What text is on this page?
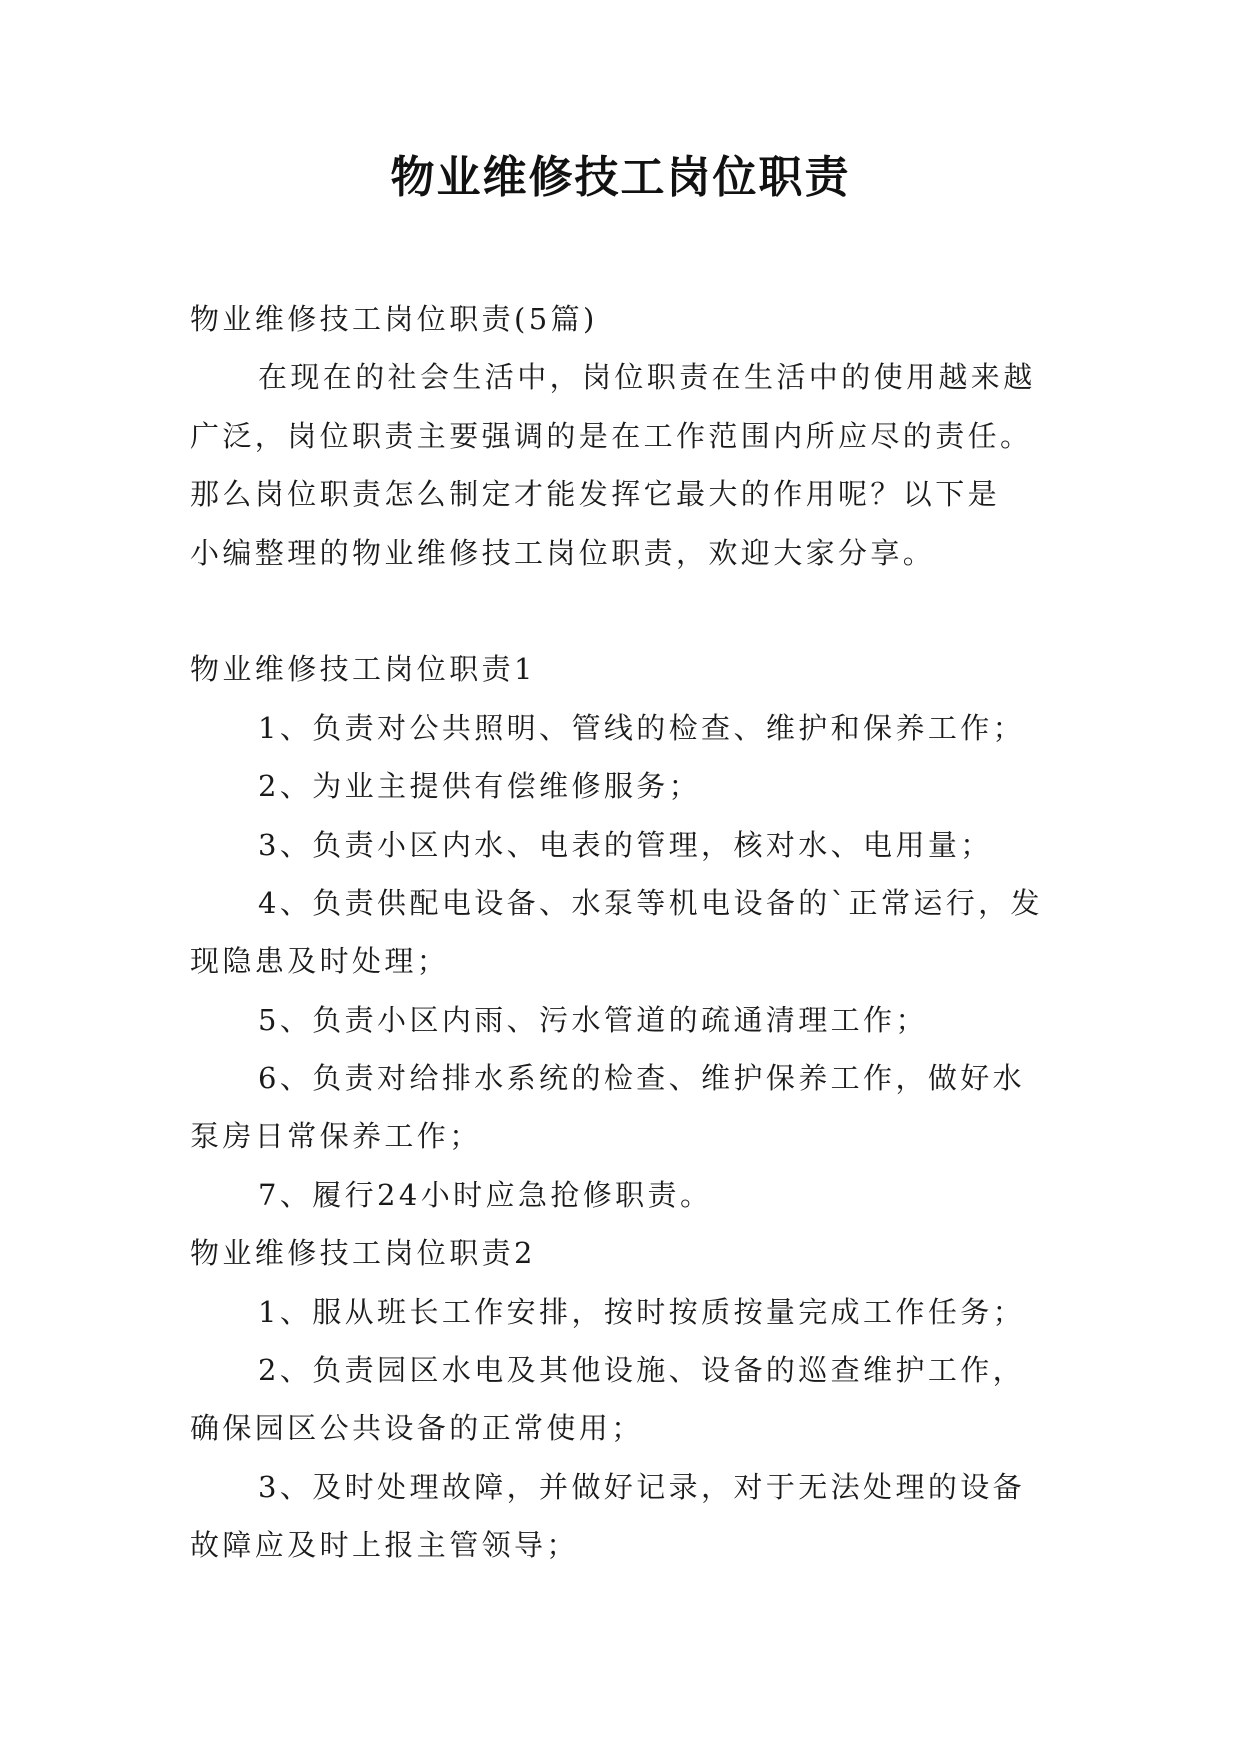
物业维修技工岗位职责
物业维修技工岗位职责(5篇)
在现在的社会生活中，岗位职责在生活中的使用越来越
广泛，岗位职责主要强调的是在工作范围内所应尽的责任。
那么岗位职责怎么制定才能发挥它最大的作用呢？以下是
小编整理的物业维修技工岗位职责，欢迎大家分享。
物业维修技工岗位职责1
1、负责对公共照明、管线的检查、维护和保养工作；
2、为业主提供有偿维修服务；
3、负责小区内水、电表的管理，核对水、电用量；
4、负责供配电设备、水泵等机电设备的`正常运行，发
现隐患及时处理；
5、负责小区内雨、污水管道的疏通清理工作；
6、负责对给排水系统的检查、维护保养工作，做好水
泵房日常保养工作；
7、履行24小时应急抢修职责。
物业维修技工岗位职责2
1、服从班长工作安排，按时按质按量完成工作任务；
2、负责园区水电及其他设施、设备的巡查维护工作，
确保园区公共设备的正常使用；
3、及时处理故障，并做好记录，对于无法处理的设备
故障应及时上报主管领导；
